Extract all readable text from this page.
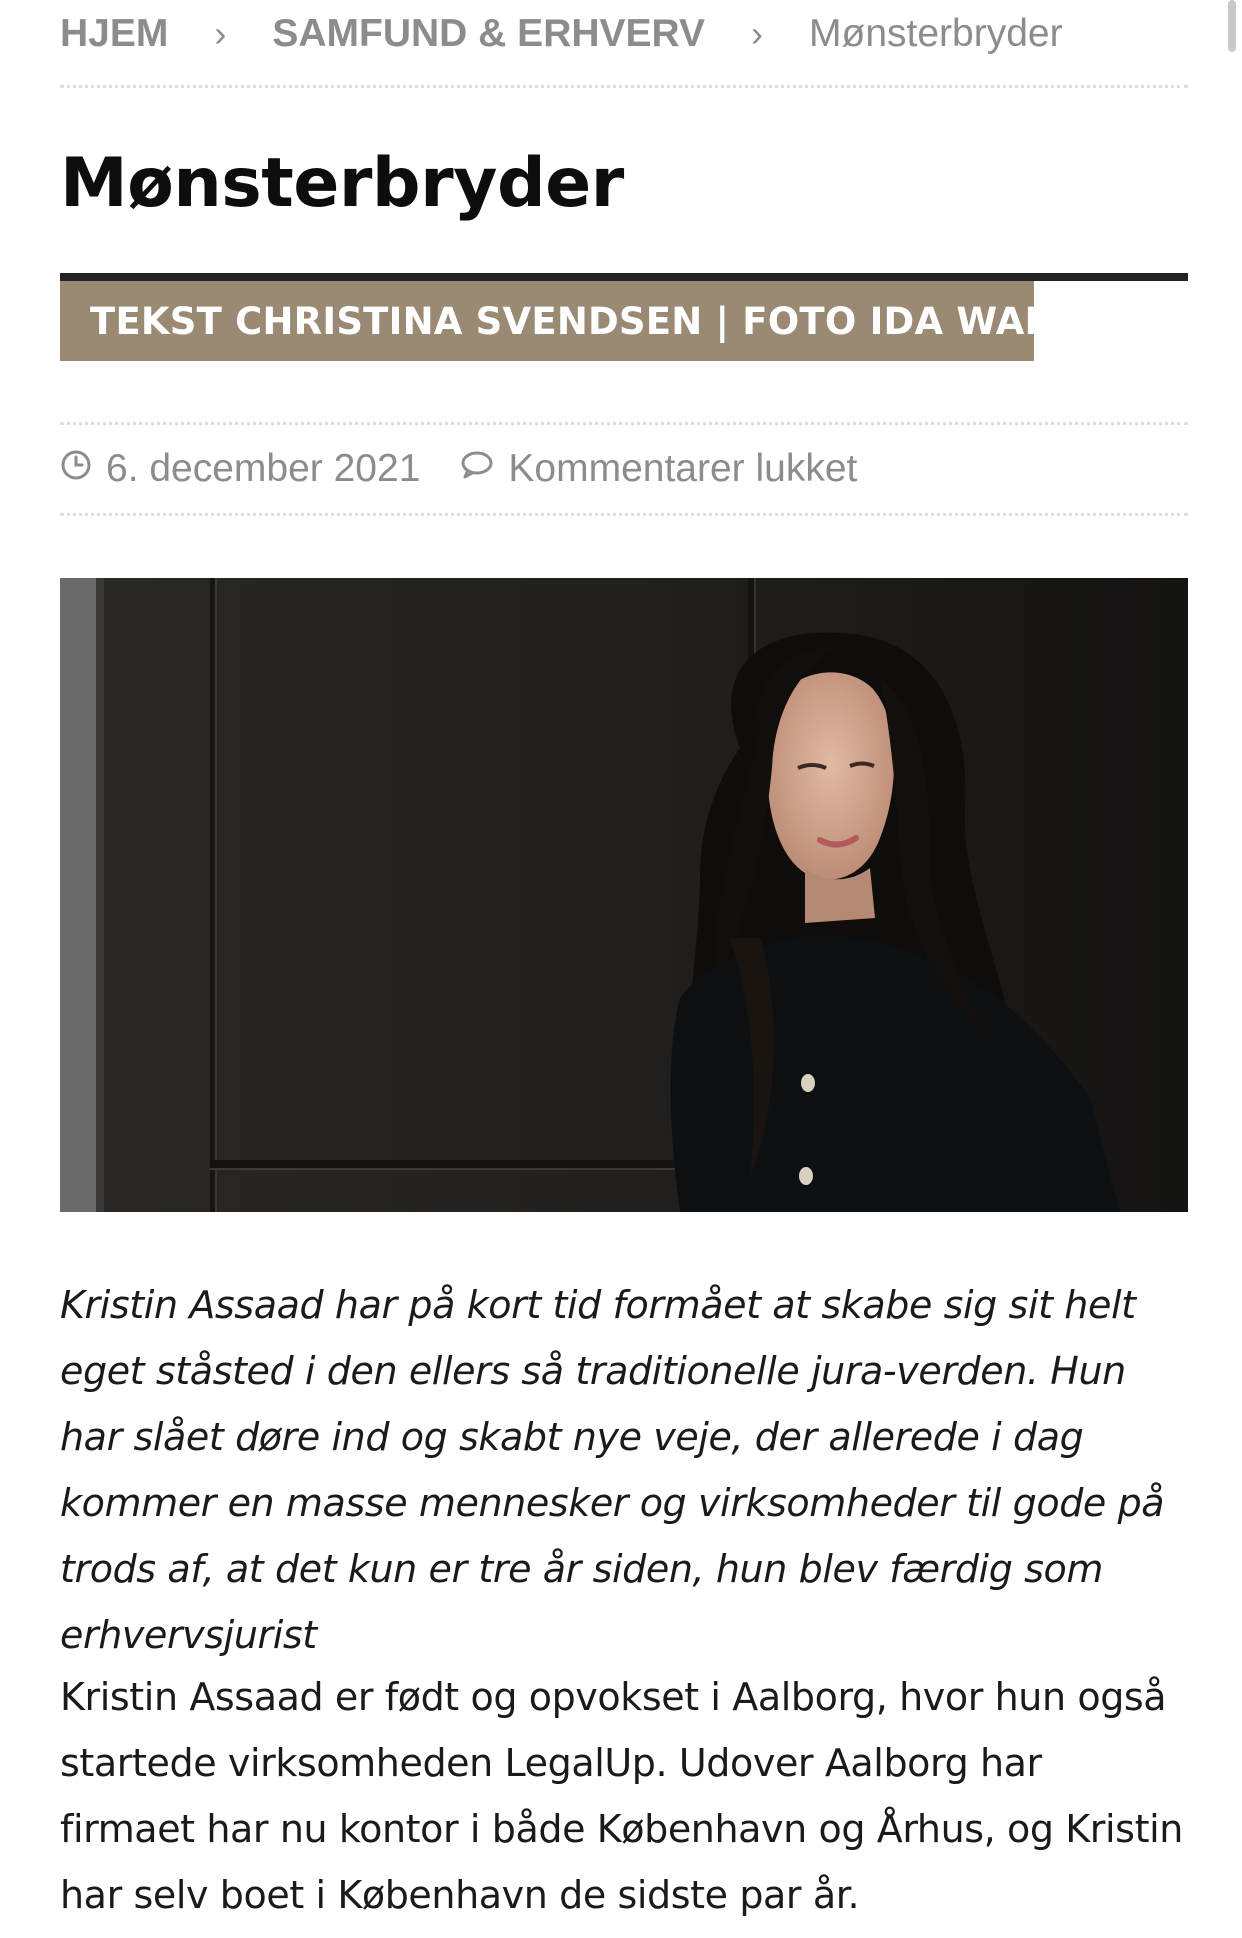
HJEM › SAMFUND & ERHVERV › Mønsterbryder
Mønsterbryder
TEKST CHRISTINA SVENDSEN | FOTO IDA WANG
6. december 2021 Kommentarer lukket

Kristin Assaad har på kort tid formået at skabe sig sit helt eget ståsted i den ellers så traditionelle jura-verden. Hun har slået døre ind og skabt nye veje, der allerede i dag kommer en masse mennesker og virksomheder til gode på trods af, at det kun er tre år siden, hun blev færdig som erhvervsjurist

Kristin Assaad er født og opvokset i Aalborg, hvor hun også startede virksomheden LegalUp. Udover Aalborg har firmaet har nu kontor i både København og Århus, og Kristin har selv boet i København de sidste par år.
